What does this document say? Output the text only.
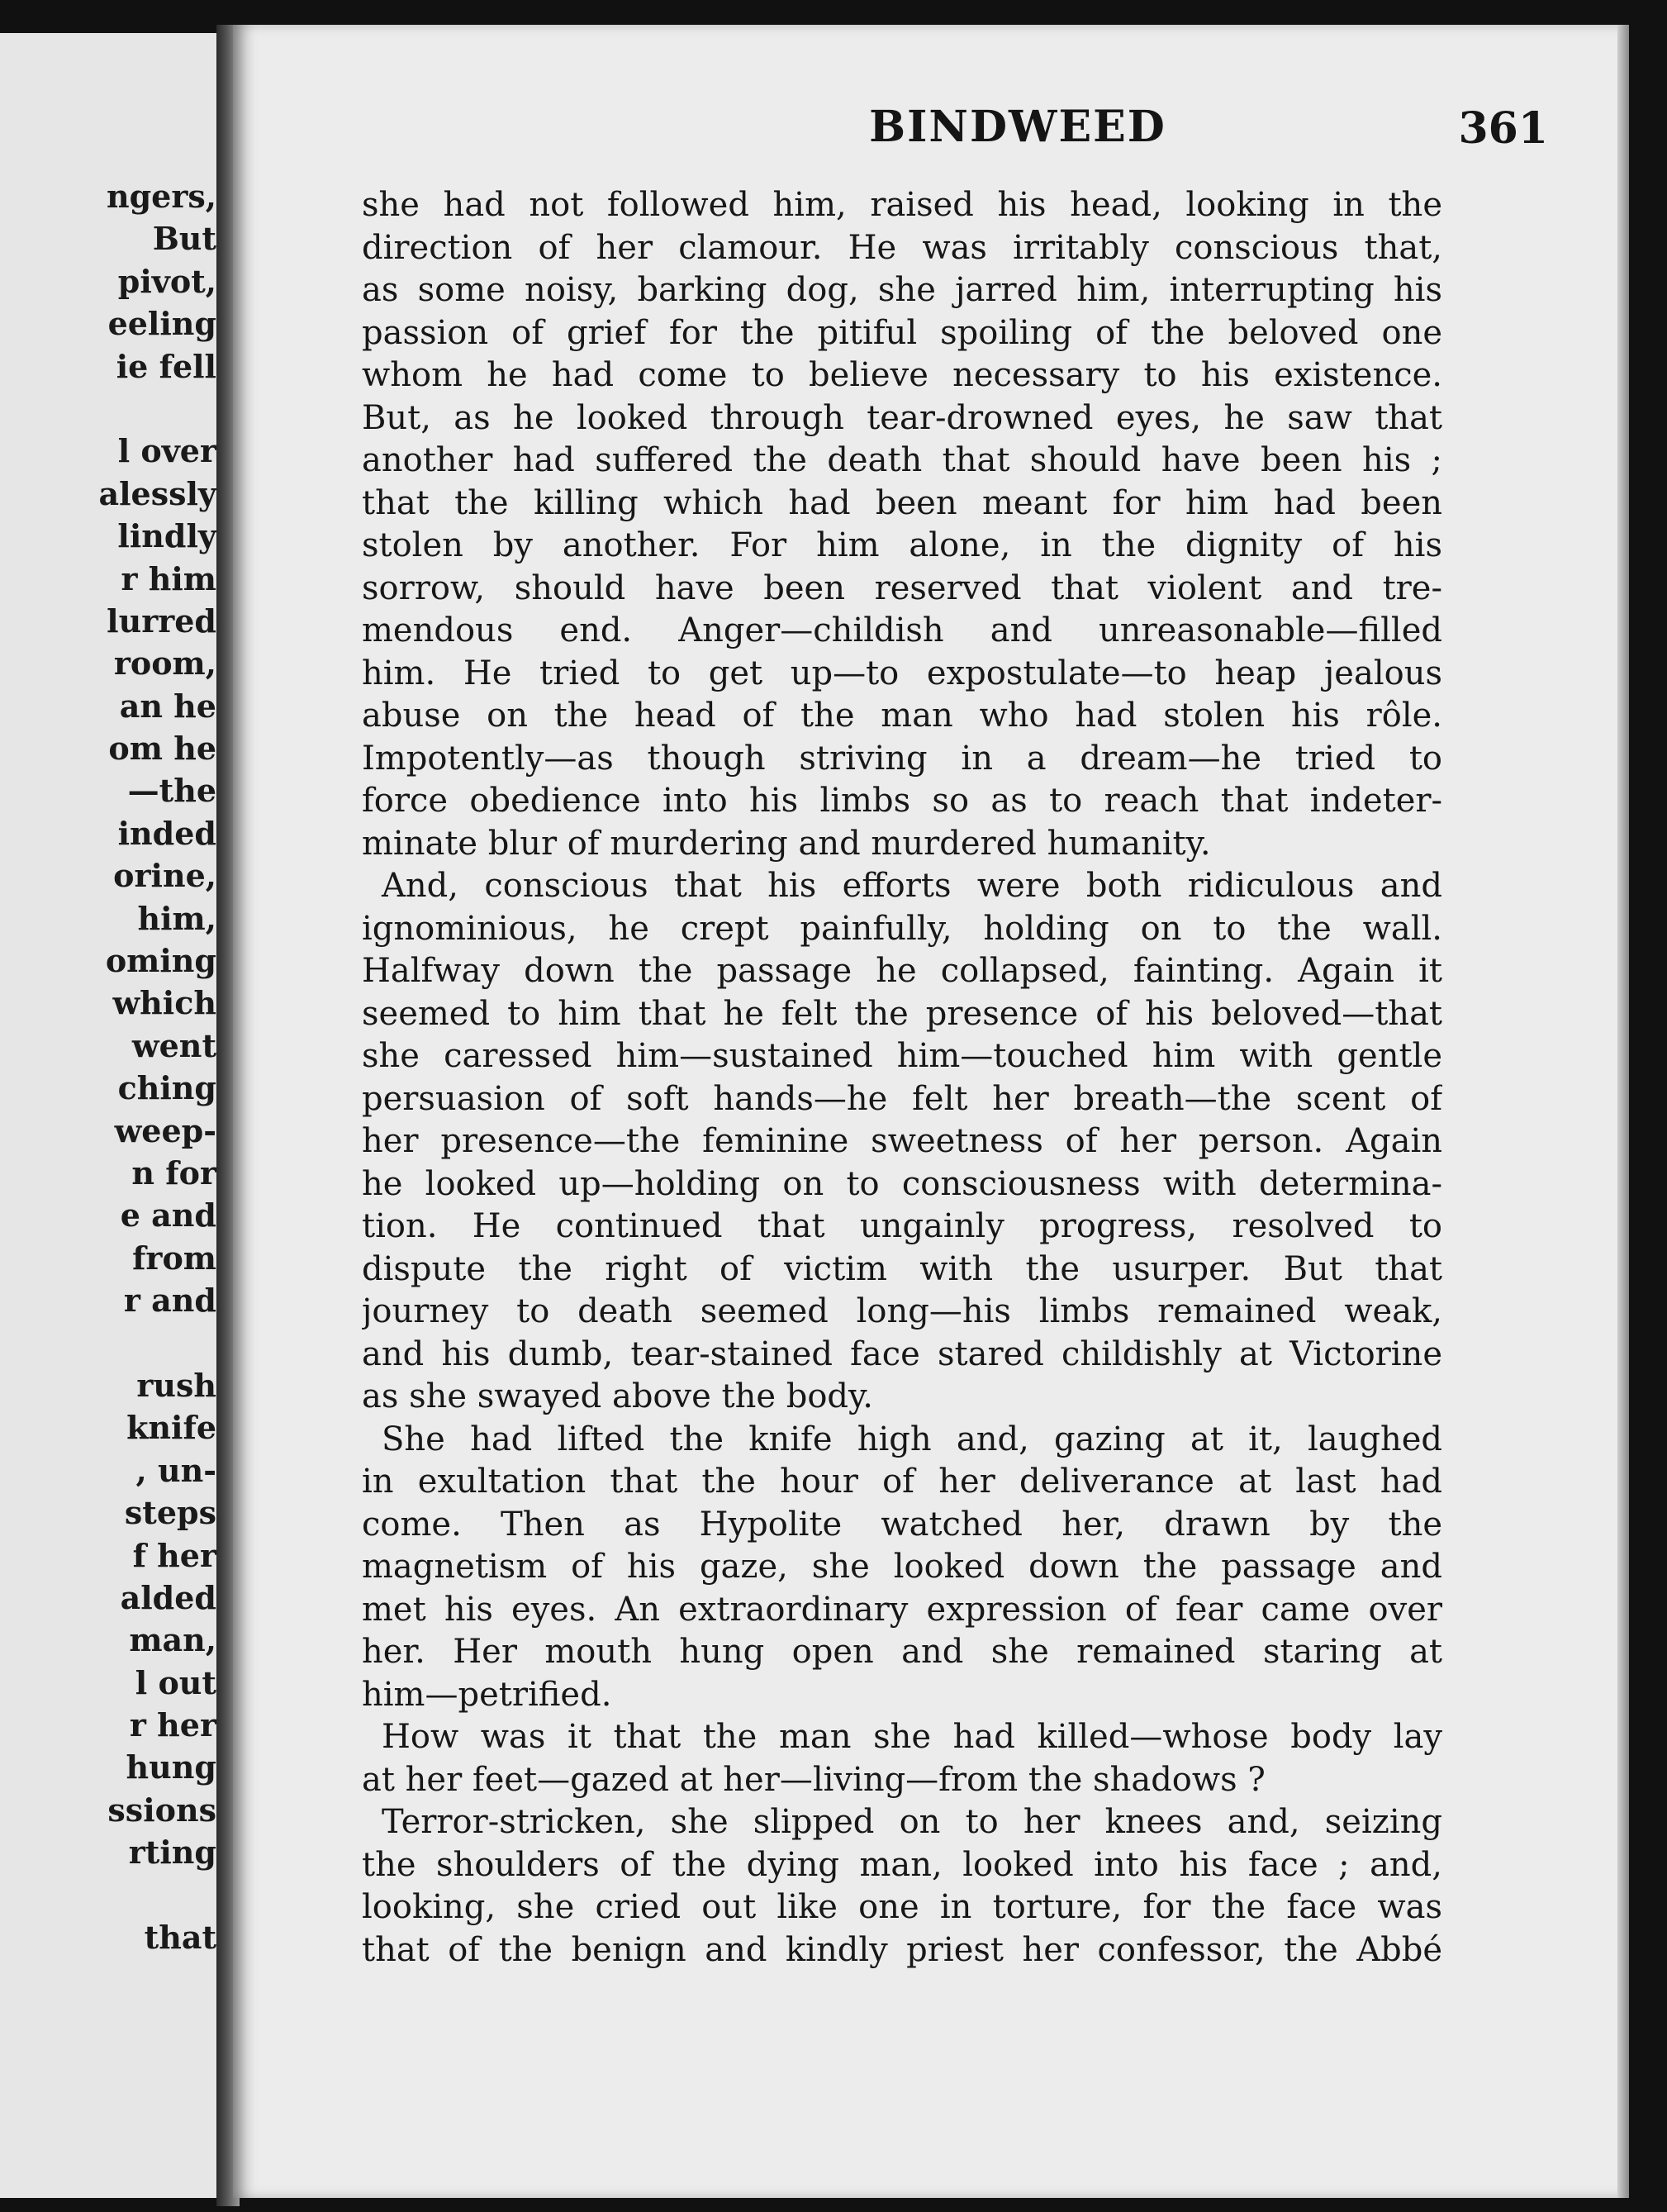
ngers,
But
pivot,
eeling
ie fell
l over
alessly
lindly
r him
lurred
room,
an he
om he
—the
inded
orine,
him,
oming
which
went
ching
weep-
n for
e and
from
r and
rush
knife
, un-
steps
f her
alded
man,
l out
r her
hung
ssions
rting
that
BINDWEED	361
she had not followed him, raised his head, looking in the
direction of her clamour. He was irritably conscious that,
as some noisy, barking dog, she jarred him, interrupting his
passion of grief for the pitiful spoiling of the beloved one
whom he had come to believe necessary to his existence.
But, as he looked through tear-drowned eyes, he saw that
another had suffered the death that should have been his ;
that the killing which had been meant for him had been
stolen by another. For him alone, in the dignity of his
sorrow, should have been reserved that violent and tre-
mendous end. Anger—childish and unreasonable—filled
him. He tried to get up—to expostulate—to heap jealous
abuse on the head of the man who had stolen his rôle.
Impotently—as though striving in a dream—he tried to
force obedience into his limbs so as to reach that indeter-
minate blur of murdering and murdered humanity.
And, conscious that his efforts were both ridiculous and
ignominious, he crept painfully, holding on to the wall.
Halfway down the passage he collapsed, fainting. Again it
seemed to him that he felt the presence of his beloved—that
she caressed him—sustained him—touched him with gentle
persuasion of soft hands—he felt her breath—the scent of
her presence—the feminine sweetness of her person. Again
he looked up—holding on to consciousness with determina-
tion. He continued that ungainly progress, resolved to
dispute the right of victim with the usurper. But that
journey to death seemed long—his limbs remained weak,
and his dumb, tear-stained face stared childishly at Victorine
as she swayed above the body.
She had lifted the knife high and, gazing at it, laughed
in exultation that the hour of her deliverance at last had
come. Then as Hypolite watched her, drawn by the
magnetism of his gaze, she looked down the passage and
met his eyes. An extraordinary expression of fear came over
her. Her mouth hung open and she remained staring at
him—petrified.
How was it that the man she had killed—whose body lay
at her feet—gazed at her—living—from the shadows ?
Terror-stricken, she slipped on to her knees and, seizing
the shoulders of the dying man, looked into his face ; and,
looking, she cried out like one in torture, for the face was
that of the benign and kindly priest her confessor, the Abbé
